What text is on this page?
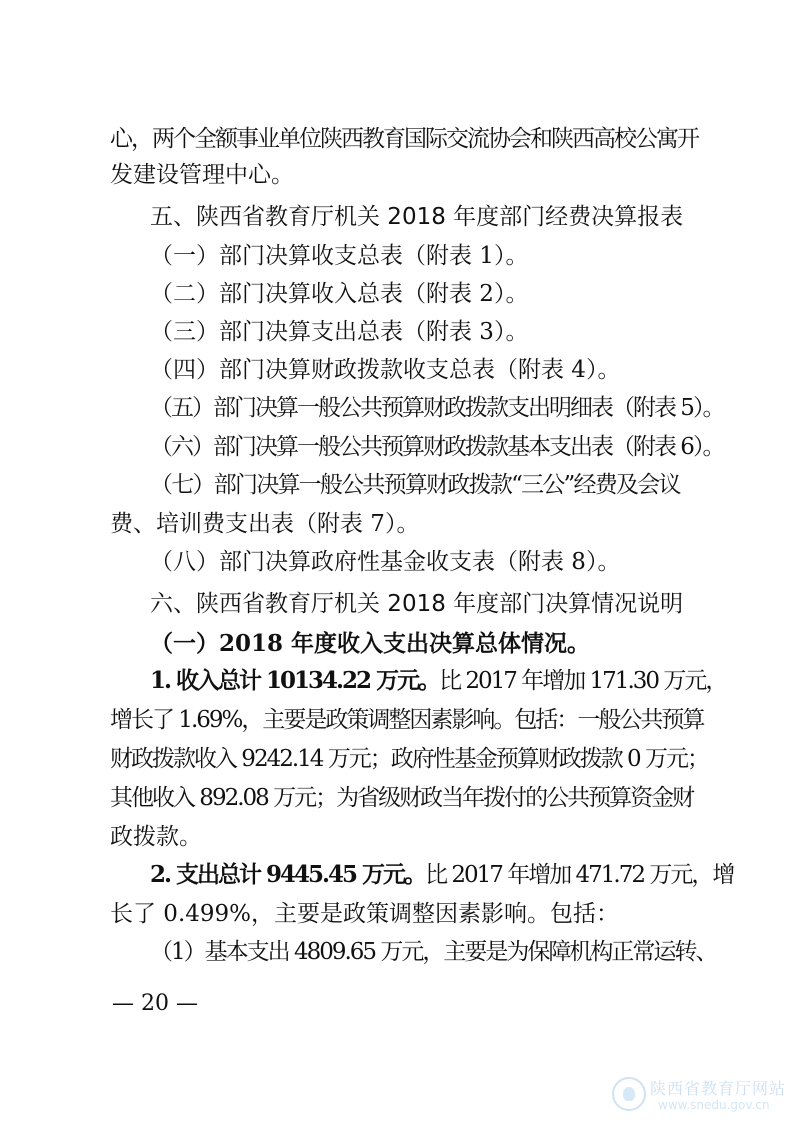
心，两个全额事业单位陕西教育国际交流协会和陕西高校公寓开
发建设管理中心。
五、陕西省教育厅机关 2018 年度部门经费决算报表
（一）部门决算收支总表（附表 1）。
（二）部门决算收入总表（附表 2）。
（三）部门决算支出总表（附表 3）。
（四）部门决算财政拨款收支总表（附表 4）。
（五）部门决算一般公共预算财政拨款支出明细表（附表 5）。
（六）部门决算一般公共预算财政拨款基本支出表（附表 6）。
（七）部门决算一般公共预算财政拨款“三公”经费及会议
费、培训费支出表（附表 7）。
（八）部门决算政府性基金收支表（附表 8）。
六、陕西省教育厅机关 2018 年度部门决算情况说明
（一）2018 年度收入支出决算总体情况。
1. 收入总计 10134.22 万元。比 2017 年增加 171.30 万元，
增长了 1.69%，主要是政策调整因素影响。包括：一般公共预算
财政拨款收入 9242.14 万元；政府性基金预算财政拨款 0 万元；
其他收入 892.08 万元；为省级财政当年拨付的公共预算资金财
政拨款。
2. 支出总计 9445.45 万元。比 2017 年增加 471.72 万元，增
长了 0.499%，主要是政策调整因素影响。包括：
（1）基本支出 4809.65 万元，主要是为保障机构正常运转、
— 20 —
陕西省教育厅网站
www.snedu.gov.cn
